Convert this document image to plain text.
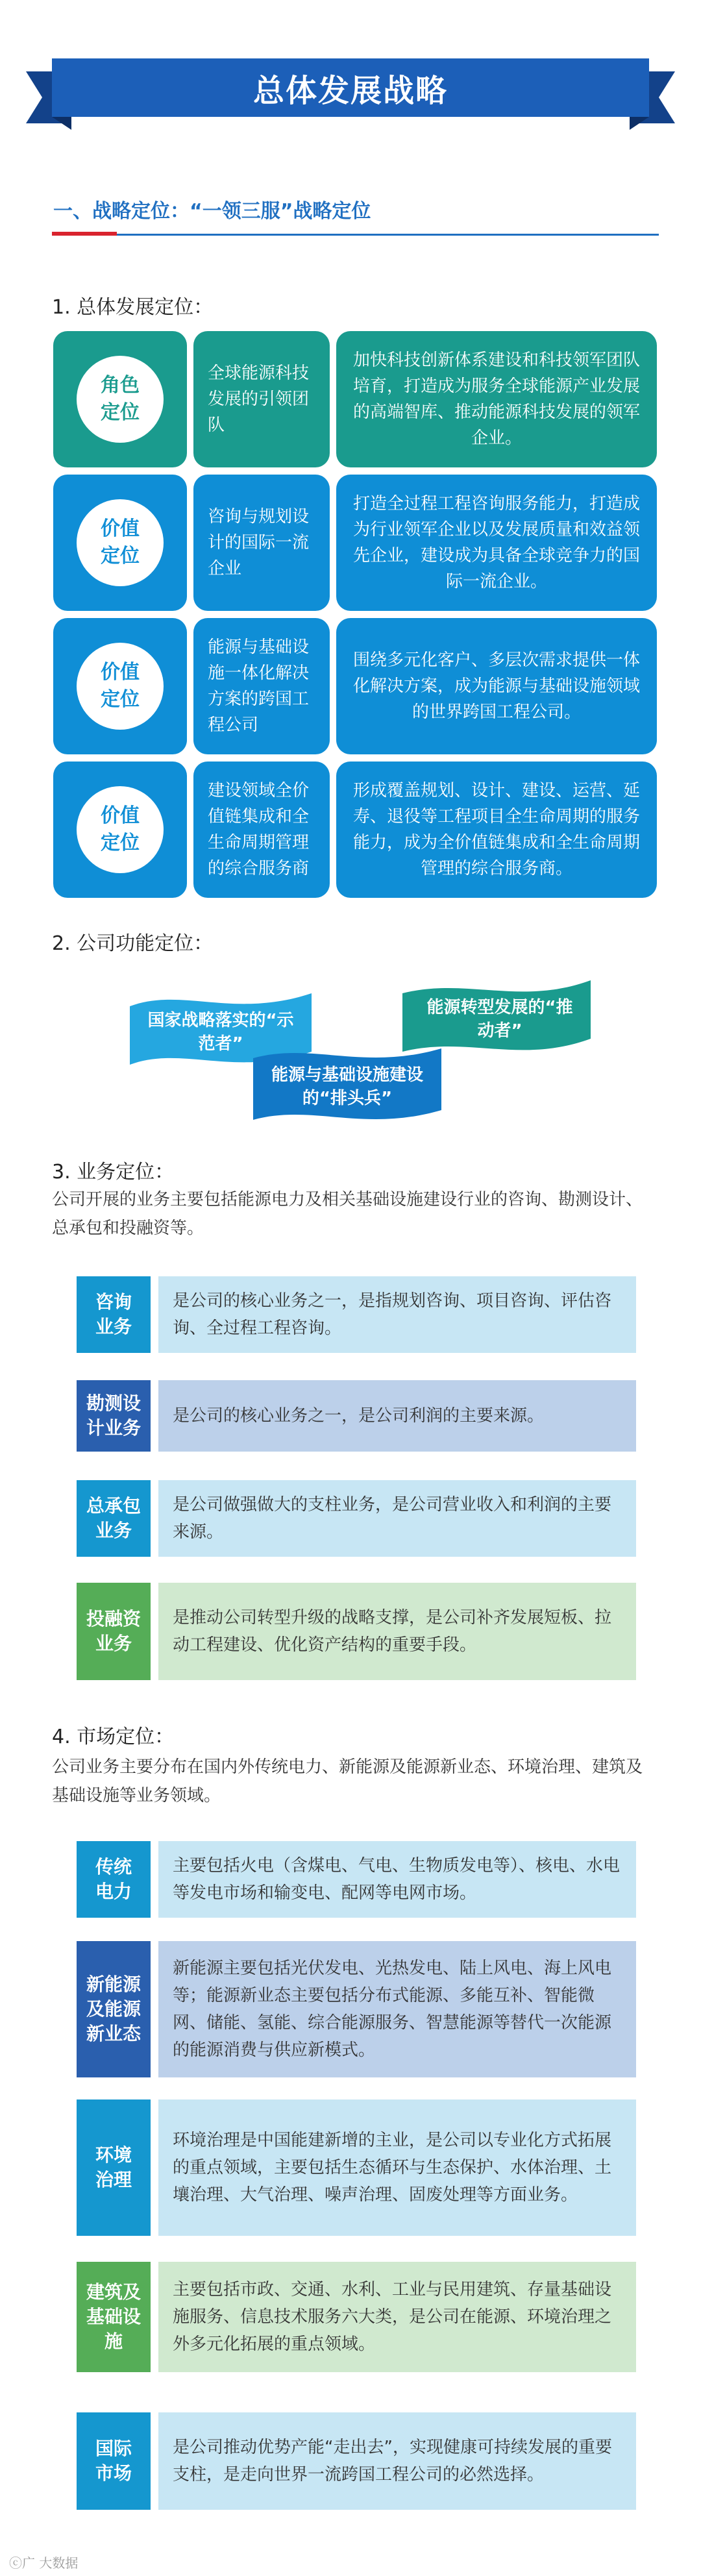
总体发展战略
一、战略定位：“一领三服”战略定位
1. 总体发展定位：
角色
定位
全球能源科技发展的引领团队
加快科技创新体系建设和科技领军团队培育，打造成为服务全球能源产业发展的高端智库、推动能源科技发展的领军企业。
价值
定位
咨询与规划设计的国际一流企业
打造全过程工程咨询服务能力，打造成为行业领军企业以及发展质量和效益领先企业，建设成为具备全球竞争力的国际一流企业。
价值
定位
能源与基础设施一体化解决方案的跨国工程公司
围绕多元化客户、多层次需求提供一体化解决方案，成为能源与基础设施领域的世界跨国工程公司。
价值
定位
建设领域全价值链集成和全生命周期管理的综合服务商
形成覆盖规划、设计、建设、运营、延寿、退役等工程项目全生命周期的服务能力，成为全价值链集成和全生命周期管理的综合服务商。
2. 公司功能定位：
国家战略落实的“示范者”
能源与基础设施建设的“排头兵”
能源转型发展的“推动者”
3. 业务定位：
公司开展的业务主要包括能源电力及相关基础设施建设行业的咨询、勘测设计、总承包和投融资等。
咨询
业务
是公司的核心业务之一，是指规划咨询、项目咨询、评估咨询、全过程工程咨询。
勘测设
计业务
是公司的核心业务之一，是公司利润的主要来源。
总承包
业务
是公司做强做大的支柱业务，是公司营业收入和利润的主要来源。
投融资
业务
是推动公司转型升级的战略支撑，是公司补齐发展短板、拉动工程建设、优化资产结构的重要手段。
4. 市场定位：
公司业务主要分布在国内外传统电力、新能源及能源新业态、环境治理、建筑及基础设施等业务领域。
传统
电力
主要包括火电（含煤电、气电、生物质发电等）、核电、水电等发电市场和输变电、配网等电网市场。
新能源
及能源
新业态
新能源主要包括光伏发电、光热发电、陆上风电、海上风电等；能源新业态主要包括分布式能源、多能互补、智能微网、储能、氢能、综合能源服务、智慧能源等替代一次能源的能源消费与供应新模式。
环境
治理
环境治理是中国能建新增的主业，是公司以专业化方式拓展的重点领域，主要包括生态循环与生态保护、水体治理、土壤治理、大气治理、噪声治理、固废处理等方面业务。
建筑及
基础设
施
主要包括市政、交通、水利、工业与民用建筑、存量基础设施服务、信息技术服务六大类，是公司在能源、环境治理之外多元化拓展的重点领域。
国际
市场
是公司推动优势产能“走出去”，实现健康可持续发展的重要支柱，是走向世界一流跨国工程公司的必然选择。
ⓒ广 大数据
